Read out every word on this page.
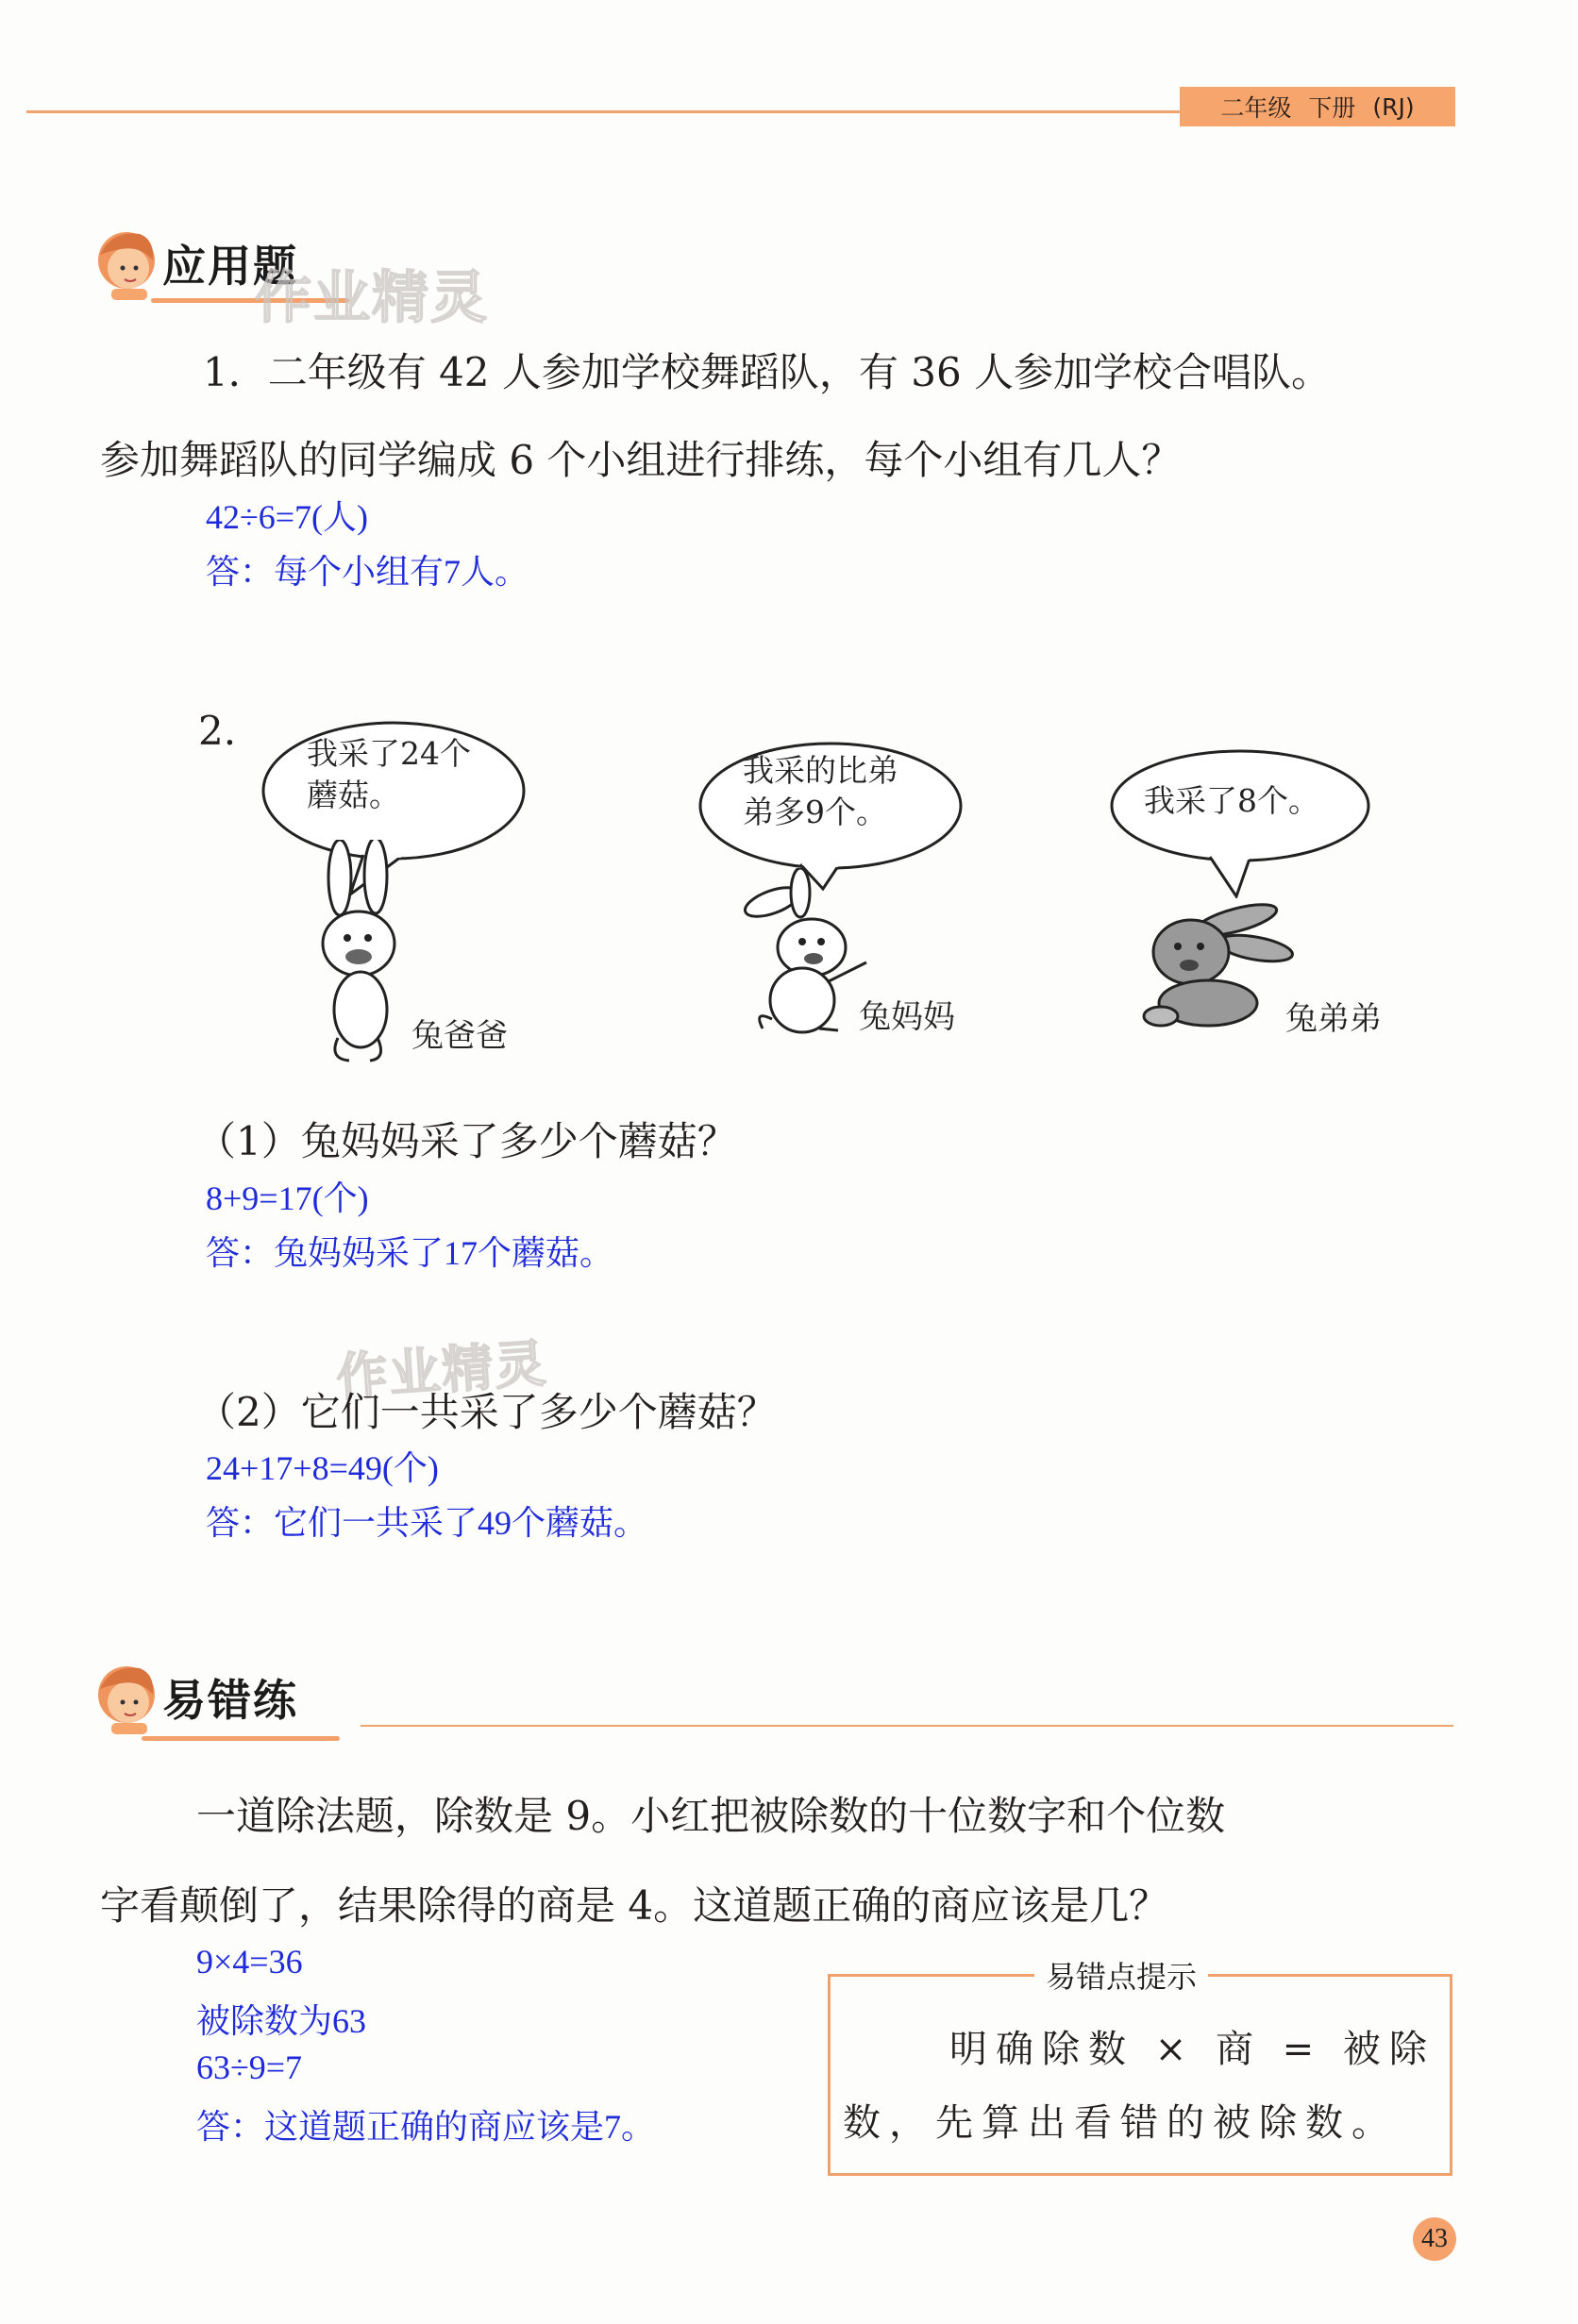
二年级 下册 (RJ)
应用题
作业精灵
1．二年级有 42 人参加学校舞蹈队，有 36 人参加学校合唱队。
参加舞蹈队的同学编成 6 个小组进行排练，每个小组有几人？
42÷6=7(人)
答：每个小组有7人。
2. 我采了24个
蘑菇。
我采的比弟
弟多9个。	我采了8个。
兔爸爸	兔妈妈	兔弟弟
（1）兔妈妈采了多少个蘑菇？
8+9=17(个)
答：兔妈妈采了17个蘑菇。
作业精灵
（2）它们一共采了多少个蘑菇？
24+17+8=49(个)
答：它们一共采了49个蘑菇。
易错练
一道除法题，除数是 9。小红把被除数的十位数字和个位数
字看颠倒了，结果除得的商是 4。这道题正确的商应该是几？
9×4=36
被除数为63
63÷9=7
答：这道题正确的商应该是7。
易错点提示
明确除数 × 商 = 被除
数，先算出看错的被除数。
43
